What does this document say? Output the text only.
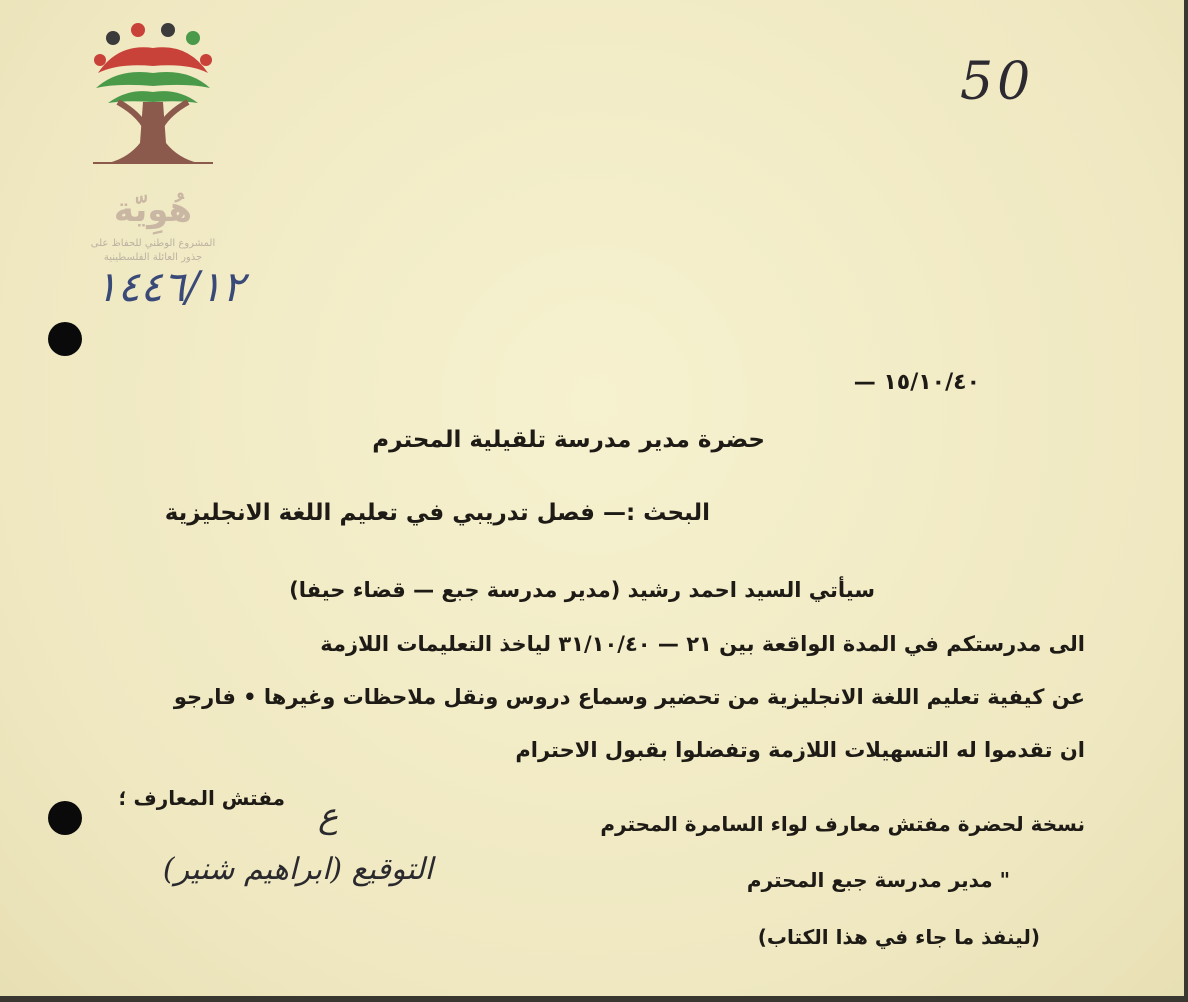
هُوِيّة
المشروع الوطني للحفاظ على
جذور العائلة الفلسطينية
50
١٤٤٦/١٢
١٥/١٠/٤٠ —
حضرة مدير مدرسة تلقيلية المحترم
البحث :— فصل تدريبي في تعليم اللغة الانجليزية
سيأتي السيد احمد رشيد (مدير مدرسة جبع — قضاء حيفا)
الى مدرستكم في المدة الواقعة بين ٢١ — ٣١/١٠/٤٠ لياخذ التعليمات اللازمة
عن كيفية تعليم اللغة الانجليزية من تحضير وسماع دروس ونقل ملاحظات وغيرها • فارجو
ان تقدموا له التسهيلات اللازمة وتفضلوا بقبول الاحترام
مفتش المعارف ؛ ع
التوقيع (ابراهيم شنير)
نسخة لحضرة مفتش معارف لواء السامرة المحترم
" مدير مدرسة جبع المحترم
(لينفذ ما جاء في هذا الكتاب)
